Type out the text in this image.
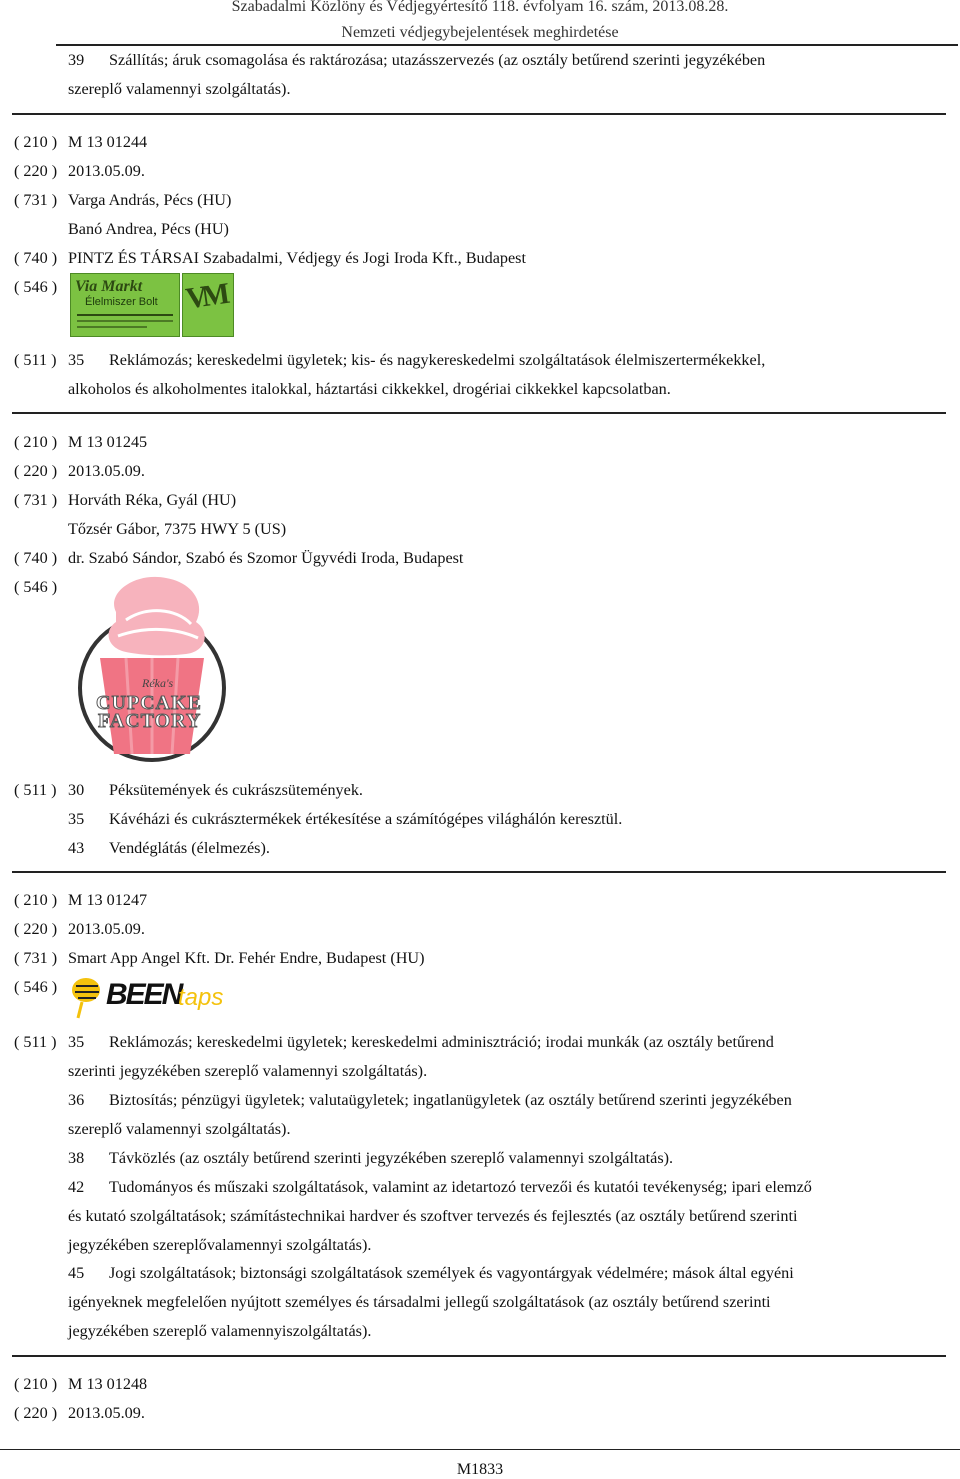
Szabadalmi Közlöny és Védjegyértesítő 118. évfolyam 16. szám, 2013.08.28.
Nemzeti védjegybejelentések meghirdetése
39 Szállítás; áruk csomagolása és raktározása; utazásszervezés (az osztály betűrend szerinti jegyzékében
szereplő valamennyi szolgáltatás).
( 210 ) M 13 01244
( 220 ) 2013.05.09.
( 731 ) Varga András, Pécs (HU)
Banó Andrea, Pécs (HU)
( 740 ) PINTZ ÉS TÁRSAI Szabadalmi, Védjegy és Jogi Iroda Kft., Budapest
( 546 ) Via Markt
Élelmiszer Bolt VM
( 511 ) 35 Reklámozás; kereskedelmi ügyletek; kis- és nagykereskedelmi szolgáltatások élelmiszertermékekkel,
alkoholos és alkoholmentes italokkal, háztartási cikkekkel, drogériai cikkekkel kapcsolatban.
( 210 ) M 13 01245
( 220 ) 2013.05.09.
( 731 ) Horváth Réka, Gyál (HU)
Tőzsér Gábor, 7375 HWY 5 (US)
( 740 ) dr. Szabó Sándor, Szabó és Szomor Ügyvédi Iroda, Budapest
( 546 )
Réka's
CUPCAKE
FACTORY
( 511 ) 30 Péksütemények és cukrászsütemények.
35 Kávéházi és cukrásztermékek értékesítése a számítógépes világhálón keresztül.
43 Vendéglátás (élelmezés).
( 210 ) M 13 01247
( 220 ) 2013.05.09.
( 731 ) Smart App Angel Kft. Dr. Fehér Endre, Budapest (HU)
( 546 ) BEEN
taps
( 511 ) 35 Reklámozás; kereskedelmi ügyletek; kereskedelmi adminisztráció; irodai munkák (az osztály betűrend
szerinti jegyzékében szereplő valamennyi szolgáltatás).
36 Biztosítás; pénzügyi ügyletek; valutaügyletek; ingatlanügyletek (az osztály betűrend szerinti jegyzékében
szereplő valamennyi szolgáltatás).
38 Távközlés (az osztály betűrend szerinti jegyzékében szereplő valamennyi szolgáltatás).
42 Tudományos és műszaki szolgáltatások, valamint az idetartozó tervezői és kutatói tevékenység; ipari elemző
és kutató szolgáltatások; számítástechnikai hardver és szoftver tervezés és fejlesztés (az osztály betűrend szerinti
jegyzékében szereplővalamennyi szolgáltatás).
45 Jogi szolgáltatások; biztonsági szolgáltatások személyek és vagyontárgyak védelmére; mások által egyéni
igényeknek megfelelően nyújtott személyes és társadalmi jellegű szolgáltatások (az osztály betűrend szerinti
jegyzékében szereplő valamennyiszolgáltatás).
( 210 ) M 13 01248
( 220 ) 2013.05.09.
M1833
